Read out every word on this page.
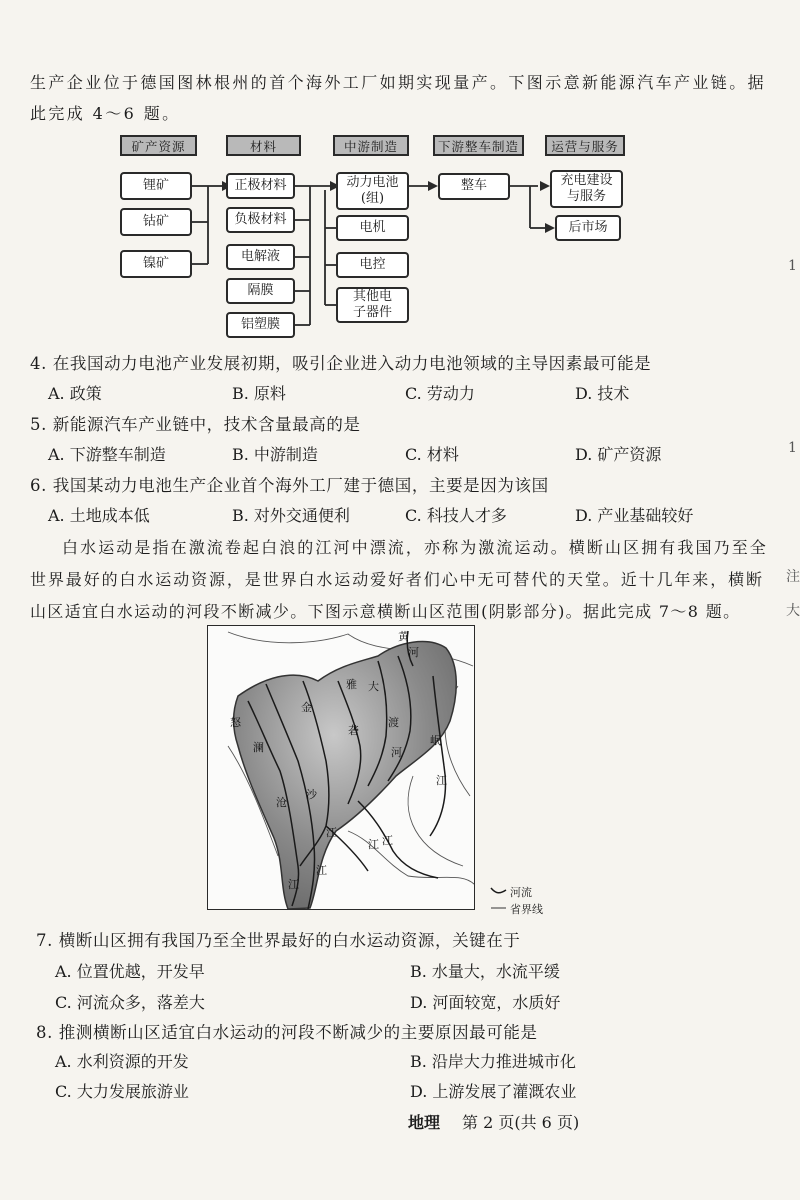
生产企业位于德国图林根州的首个海外工厂如期实现量产。下图示意新能源汽车产业链。据
此完成 4～6 题。
矿产资源	材料	中游制造	下游整车制造	运营与服务
锂矿
钴矿
镍矿
正极材料
负极材料
电解液
隔膜
铝塑膜
动力电池
(组)
电机
电控
其他电
子器件
整车	充电建设
与服务
后市场
4. 在我国动力电池产业发展初期，吸引企业进入动力电池领域的主导因素最可能是
A. 政策	B. 原料	C. 劳动力	D. 技术
5. 新能源汽车产业链中，技术含量最高的是
A. 下游整车制造	B. 中游制造	C. 材料	D. 矿产资源
6. 我国某动力电池生产企业首个海外工厂建于德国，主要是因为该国
A. 土地成本低	B. 对外交通便利	C. 科技人才多	D. 产业基础较好
白水运动是指在激流卷起白浪的江河中漂流，亦称为激流运动。横断山区拥有我国乃至全
世界最好的白水运动资源，是世界白水运动爱好者们心中无可替代的天堂。近十几年来，横断
山区适宜白水运动的河段不断减少。下图示意横断山区范围(阴影部分)。据此完成 7～8 题。
黄
河
怒
澜
沧
金
沙
江
雅
砻
江
大
渡
河
岷
江
江
江 江
河流
省界线
7. 横断山区拥有我国乃至全世界最好的白水运动资源，关键在于
A. 位置优越，开发早	B. 水量大，水流平缓
C. 河流众多，落差大	D. 河面较宽，水质好
8. 推测横断山区适宜白水运动的河段不断减少的主要原因最可能是
A. 水利资源的开发	B. 沿岸大力推进城市化
C. 大力发展旅游业	D. 上游发展了灌溉农业
地理 第 2 页(共 6 页)
1
1
注
大
